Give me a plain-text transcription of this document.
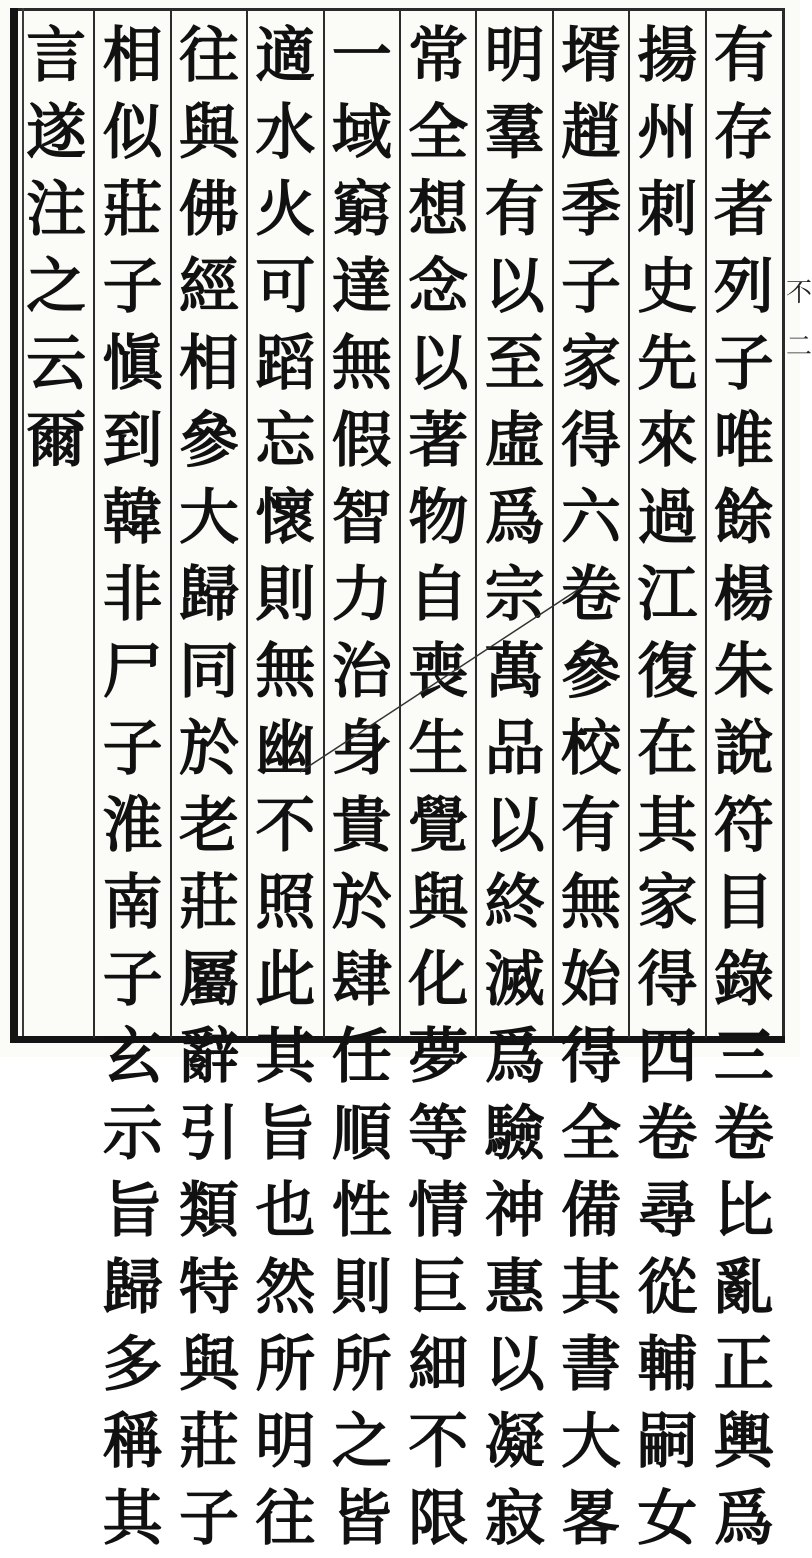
有
存
者
列
子
唯
餘
楊
朱
說
符
目
錄
三
卷
比
亂
正
輿
爲
揚
州
刺
史
先
來
過
江
復
在
其
家
得
四
卷
尋
從
輔
嗣
女
壻
趙
季
子
家
得
六
卷
參
校
有
無
始
得
全
備
其
書
大
畧
明
羣
有
以
至
虛
爲
宗
萬
品
以
終
滅
爲
驗
神
惠
以
凝
寂
常
全
想
念
以
著
物
自
喪
生
覺
與
化
夢
等
情
巨
細
不
限
一
域
窮
達
無
假
智
力
治
身
貴
於
肆
任
順
性
則
所
之
皆
適
水
火
可
蹈
忘
懷
則
無
幽
不
照
此
其
旨
也
然
所
明
往
往
與
佛
經
相
參
大
歸
同
於
老
莊
屬
辭
引
類
特
與
莊
子
相
似
莊
子
愼
到
韓
非
尸
子
淮
南
子
玄
示
旨
歸
多
稱
其
言
遂
注
之
云
爾
不
二
